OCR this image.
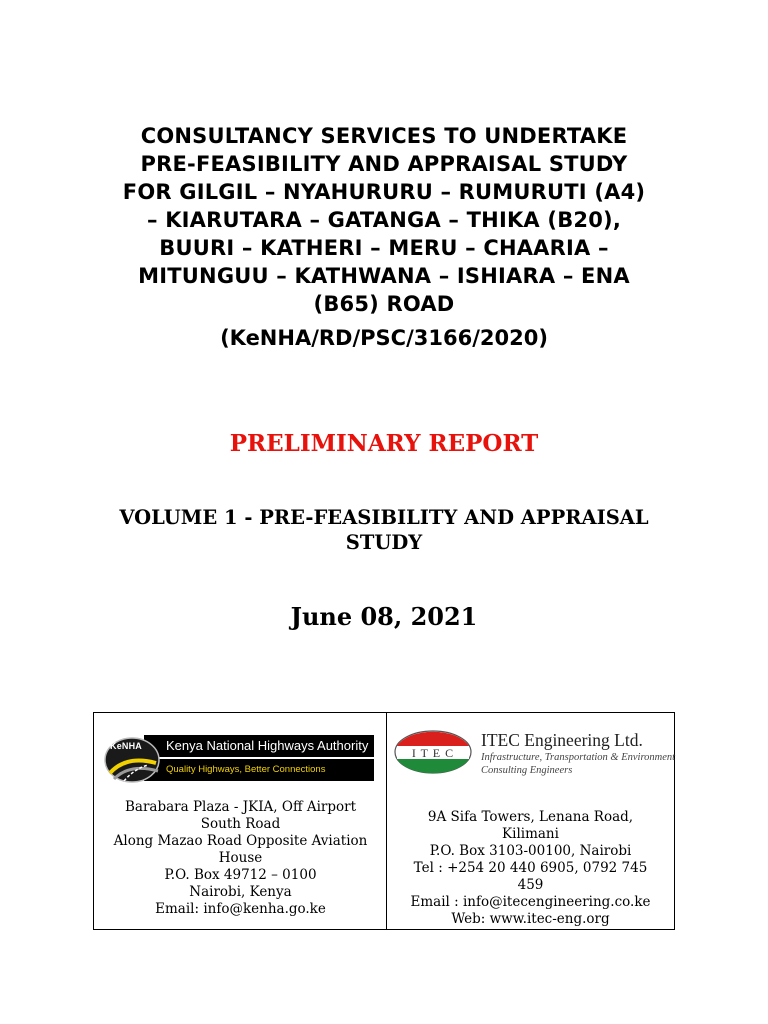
CONSULTANCY SERVICES TO UNDERTAKE
PRE-FEASIBILITY AND APPRAISAL STUDY
FOR GILGIL – NYAHURURU – RUMURUTI (A4)
– KIARUTARA – GATANGA – THIKA (B20),
BUURI – KATHERI – MERU – CHAARIA –
MITUNGUU – KATHWANA – ISHIARA – ENA
(B65) ROAD
(KeNHA/RD/PSC/3166/2020)
PRELIMINARY REPORT
VOLUME 1 - PRE-FEASIBILITY AND APPRAISAL
STUDY
June 08, 2021
Kenya National Highways Authority
Quality Highways, Better Connections
KeNHA
Barabara Plaza - JKIA, Off Airport
South Road
Along Mazao Road Opposite Aviation
House
P.O. Box 49712 – 0100
Nairobi, Kenya
Email: info@kenha.go.ke
I T E C
ITEC Engineering Ltd.
Infrastructure, Transportation & Environment
Consulting Engineers
9A Sifa Towers, Lenana Road,
Kilimani
P.O. Box 3103-00100, Nairobi
Tel : +254 20 440 6905, 0792 745
459
Email : info@itecengineering.co.ke
Web: www.itec-eng.org
